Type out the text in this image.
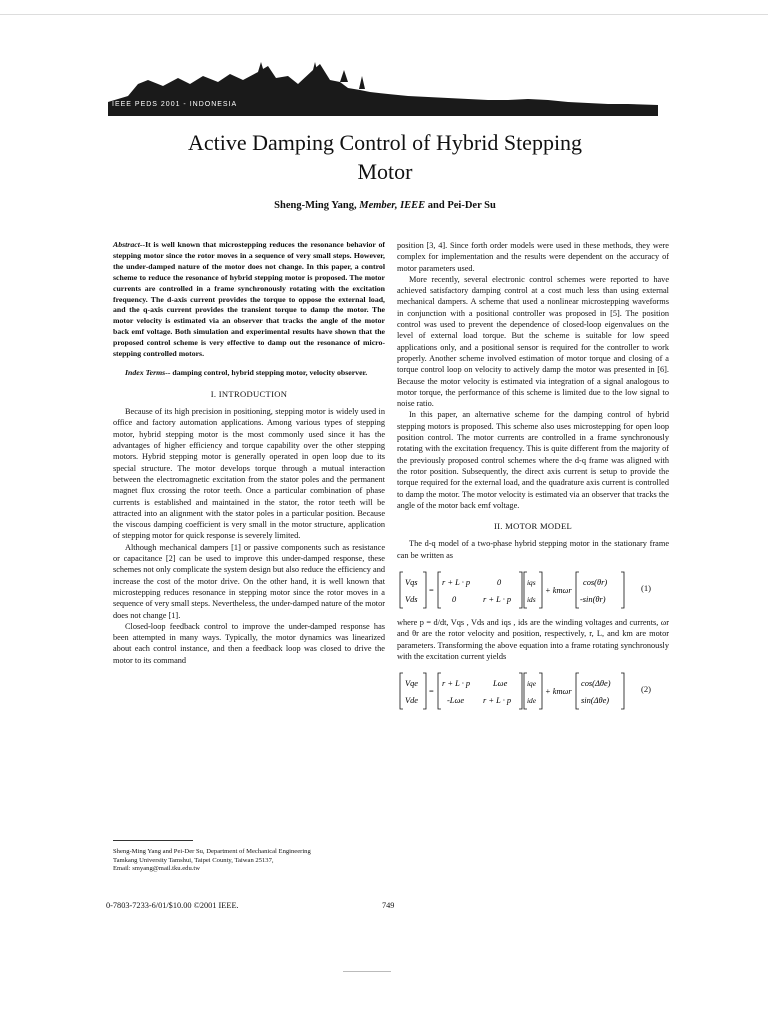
IEEE PEDS 2001 - INDONESIA
Active Damping Control of Hybrid Stepping
Motor
Sheng-Ming Yang, Member, IEEE and Pei-Der Su

Abstract--It is well known that microstepping reduces the resonance behavior of stepping motor since the rotor moves in a sequence of very small steps. However, the under-damped nature of the motor does not change. In this paper, a control scheme to reduce the resonance of hybrid stepping motor is proposed. The motor currents are controlled in a frame synchronously rotating with the excitation frequency. The d-axis current provides the torque to oppose the external load, and the q-axis current provides the transient torque to damp the motor. The motor velocity is estimated via an observer that tracks the angle of the motor back emf voltage. Both simulation and experimental results have shown that the proposed control scheme is very effective to damp out the resonance of micro-stepping controlled motors.

Index Terms-- damping control, hybrid stepping motor, velocity observer.

I. INTRODUCTION

Because of its high precision in positioning, stepping motor is widely used in office and factory automation applications. Among various types of stepping motor, hybrid stepping motor is the most commonly used since it has the advantages of higher efficiency and torque capability over the other stepping motors. Hybrid stepping motor is generally operated in open loop due to its special structure. The motor develops torque through a mutual interaction between the electromagnetic excitation from the stator poles and the permanent magnet flux crossing the rotor teeth. Once a particular combination of phase currents is established and maintained in the stator, the rotor teeth will be attracted into an alignment with the stator poles in a particular position. Because the viscous damping coefficient is very small in the motor structure, application of stepping motor for quick response is severely limited.

Although mechanical dampers [1] or passive components such as resistance or capacitance [2] can be used to improve this under-damped response, these schemes not only complicate the system design but also reduce the efficiency and increase the cost of the motor drive. On the other hand, it is well known that microstepping reduces resonance in stepping motor since the rotor moves in a sequence of very small steps. Nevertheless, the under-damped nature of the motor does not change [1].

Closed-loop feedback control to improve the under-damped response has been attempted in many ways. Typically, the motor dynamics was linearized about each control instance, and then a feedback loop was closed to drive the motor to its command

position [3, 4]. Since forth order models were used in these methods, they were complex for implementation and the results were dependent on the accuracy of motor parameters used.

More recently, several electronic control schemes were reported to have achieved satisfactory damping control at a cost much less than using external mechanical dampers. A scheme that used a nonlinear microstepping waveforms in conjunction with a positional controller was proposed in [5]. The position control was used to prevent the dependence of closed-loop eigenvalues on the level of external load torque. But the scheme is suitable for low speed applications only, and a positional sensor is required for the controller to work properly. Another scheme involved estimation of motor torque and closing of a torque control loop on velocity to actively damp the motor was presented in [6]. Because the motor velocity is estimated via integration of a signal analogous to motor torque, the performance of this scheme is limited due to the low signal to noise ratio.

In this paper, an alternative scheme for the damping control of hybrid stepping motors is proposed. This scheme also uses microstepping for open loop position control. The motor currents are controlled in a frame synchronously rotating with the excitation frequency. This is quite different from the majority of the previously proposed control schemes where the d-q frame was aligned with the rotor position. Subsequently, the direct axis current is setup to provide the torque required for the external load, and the quadrature axis current is controlled to damp the motor. The motor velocity is estimated via an observer that tracks the angle of the motor back emf voltage.

II. MOTOR MODEL

The d-q model of a two-phase hybrid stepping motor in the stationary frame can be written as

Vqs
Vds
=
r + L · p	0
0	r + L · p
iqs
ids
+ kmωr
cos(θr)
-sin(θr)
(1)

where p = d/dt, Vqs , Vds and iqs , ids are the winding voltages and currents, ωr and θr are the rotor velocity and position, respectively, r, L, and km are motor parameters. Transforming the above equation into a frame rotating synchronously with the excitation current yields

Vqe
Vde
=
r + L · p	Lωe
-Lωe r + L · p
iqe
ide
+ kmωr
cos(Δθe)
sin(Δθe)
(2)
Sheng-Ming Yang and Pei-Der Su, Department of Mechanical Engineering
Tamkang University Tamshui, Taipei County, Taiwan 25137,
Email: smyang@mail.tku.edu.tw
0-7803-7233-6/01/$10.00 ©2001 IEEE.	749
